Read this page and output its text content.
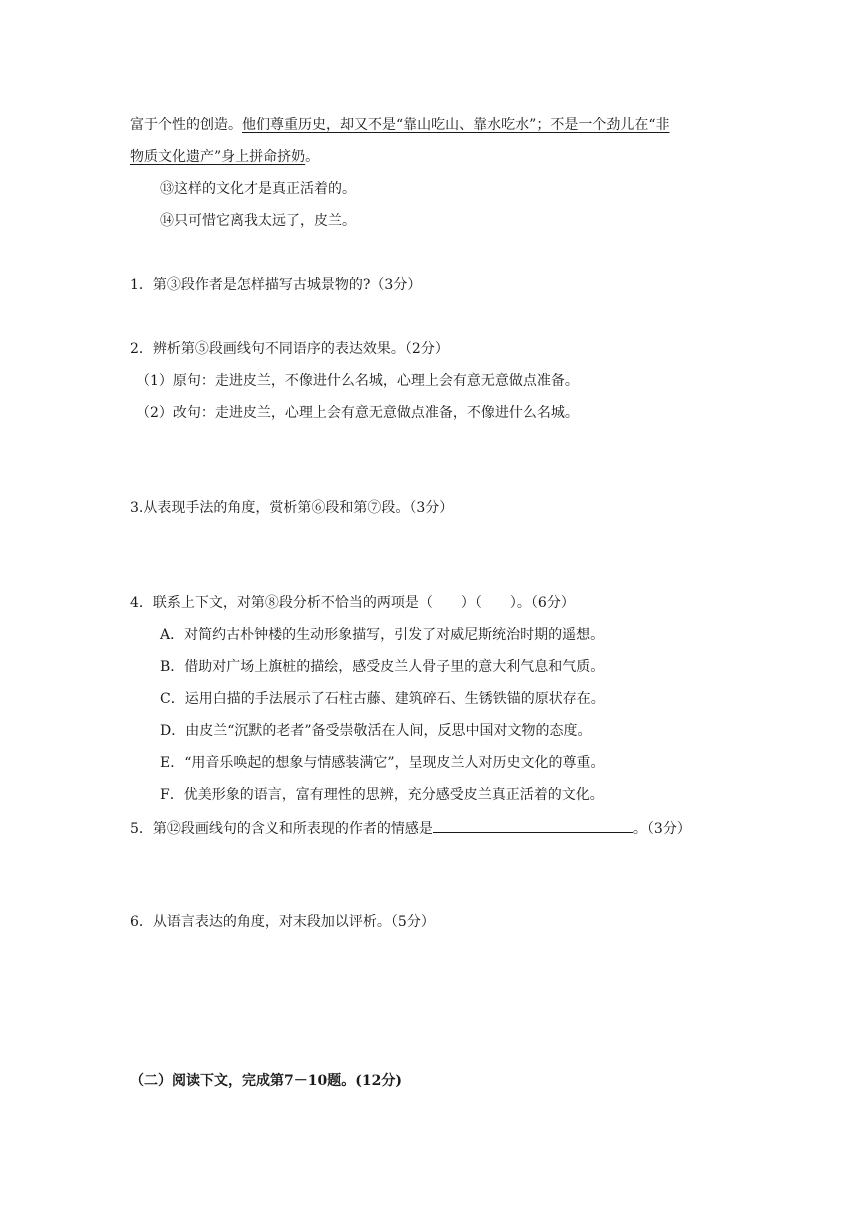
富于个性的创造。他们尊重历史，却又不是“靠山吃山、靠水吃水”；不是一个劲儿在“非
物质文化遗产”身上拼命挤奶。
⑬这样的文化才是真正活着的。
⑭只可惜它离我太远了，皮兰。
1．第③段作者是怎样描写古城景物的?（3分）
2．辨析第⑤段画线句不同语序的表达效果。（2分）
（1）原句：走进皮兰，不像进什么名城，心理上会有意无意做点准备。
（2）改句：走进皮兰，心理上会有意无意做点准备，不像进什么名城。
3.从表现手法的角度，赏析第⑥段和第⑦段。（3分）
4．联系上下文，对第⑧段分析不恰当的两项是（　　）（　　）。（6分）
A．对简约古朴钟楼的生动形象描写，引发了对威尼斯统治时期的遥想。
B．借助对广场上旗桩的描绘，感受皮兰人骨子里的意大利气息和气质。
C．运用白描的手法展示了石柱古藤、建筑碎石、生锈铁锚的原状存在。
D．由皮兰“沉默的老者”备受崇敬活在人间，反思中国对文物的态度。
E．“用音乐唤起的想象与情感装满它”，呈现皮兰人对历史文化的尊重。
F．优美形象的语言，富有理性的思辨，充分感受皮兰真正活着的文化。
5．第⑫段画线句的含义和所表现的作者的情感是	。（3分）
6．从语言表达的角度，对末段加以评析。（5分）
（二）阅读下文，完成第7－10题。(12分)
